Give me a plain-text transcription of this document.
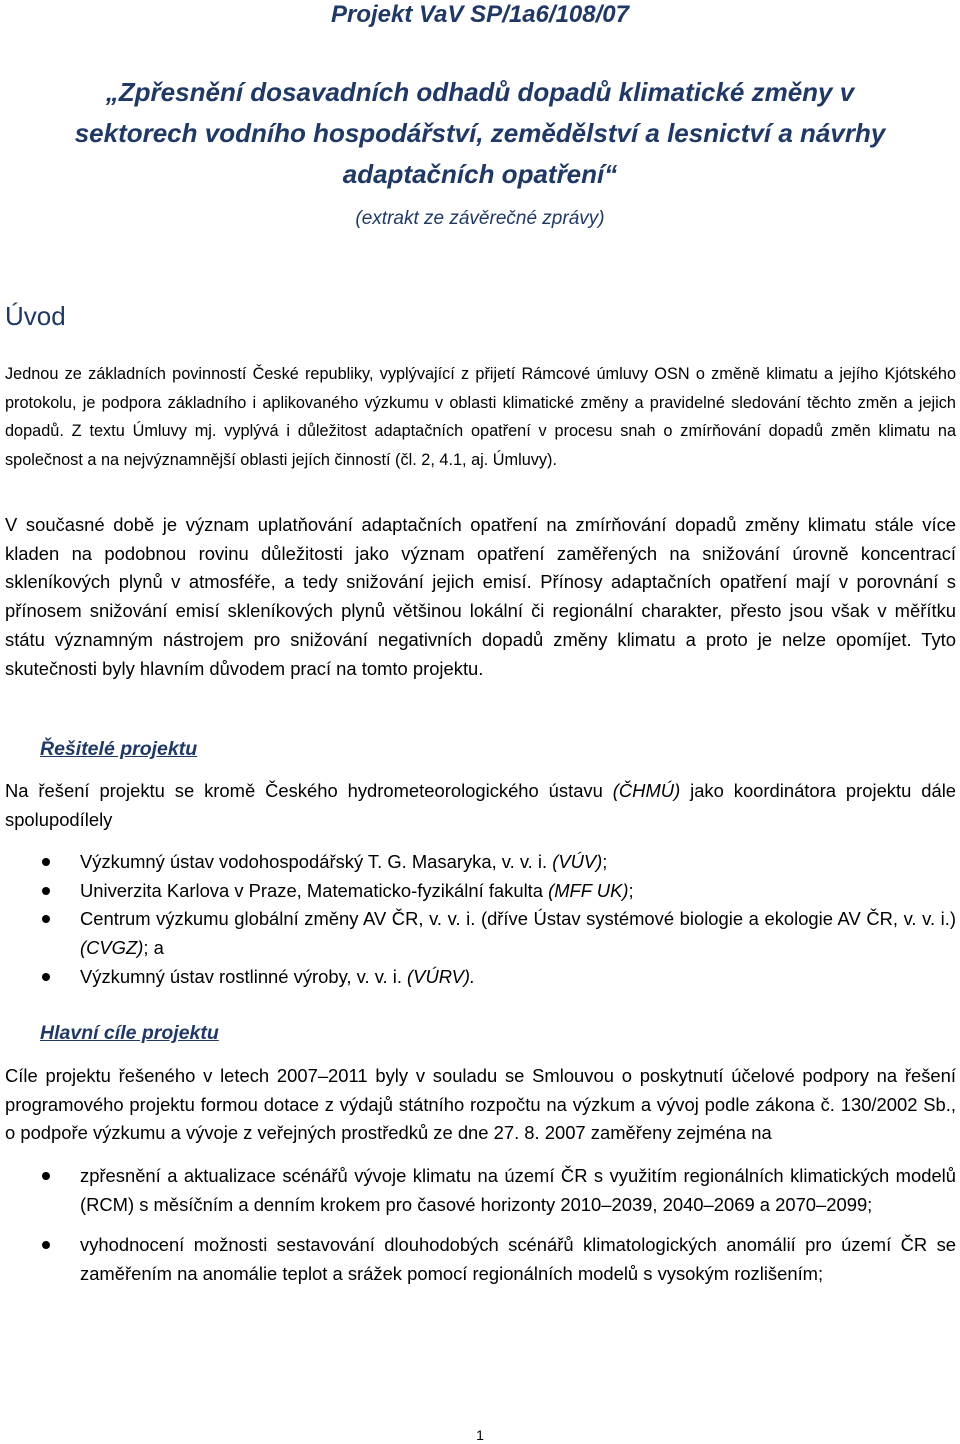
Projekt VaV SP/1a6/108/07
„Zpřesnění dosavadních odhadů dopadů klimatické změny v
sektorech vodního hospodářství, zemědělství a lesnictví a návrhy
adaptačních opatření“
(extrakt ze závěrečné zprávy)
Úvod

Jednou ze základních povinností České republiky, vyplývající z přijetí Rámcové úmluvy OSN o změně klimatu a jejího Kjótského protokolu, je podpora základního i aplikovaného výzkumu v oblasti klimatické změny a pravidelné sledování těchto změn a jejich dopadů. Z textu Úmluvy mj. vyplývá i důležitost adaptačních opatření v procesu snah o zmírňování dopadů změn klimatu na společnost a na nejvýznamnější oblasti jejích činností (čl. 2, 4.1, aj. Úmluvy).

V současné době je význam uplatňování adaptačních opatření na zmírňování dopadů změny klimatu stále více kladen na podobnou rovinu důležitosti jako význam opatření zaměřených na snižování úrovně koncentrací skleníkových plynů v atmosféře, a tedy snižování jejich emisí. Přínosy adaptačních opatření mají v porovnání s přínosem snižování emisí skleníkových plynů většinou lokální či regionální charakter, přesto jsou však v měřítku státu významným nástrojem pro snižování negativních dopadů změny klimatu a proto je nelze opomíjet. Tyto skutečnosti byly hlavním důvodem prací na tomto projektu.

Řešitelé projektu

Na řešení projektu se kromě Českého hydrometeorologického ústavu (ČHMÚ) jako koordinátora projektu dále spolupodílely

Výzkumný ústav vodohospodářský T. G. Masaryka, v. v. i. (VÚV);
Univerzita Karlova v Praze, Matematicko-fyzikální fakulta (MFF UK);
Centrum výzkumu globální změny AV ČR, v. v. i. (dříve Ústav systémové biologie a ekologie AV ČR, v. v. i.) (CVGZ); a
Výzkumný ústav rostlinné výroby, v. v. i. (VÚRV).
Hlavní cíle projektu

Cíle projektu řešeného v letech 2007–2011 byly v souladu se Smlouvou o poskytnutí účelové podpory na řešení programového projektu formou dotace z výdajů státního rozpočtu na výzkum a vývoj podle zákona č. 130/2002 Sb., o podpoře výzkumu a vývoje z veřejných prostředků ze dne 27. 8. 2007 zaměřeny zejména na

zpřesnění a aktualizace scénářů vývoje klimatu na území ČR s využitím regionálních klimatických modelů (RCM) s měsíčním a denním krokem pro časové horizonty 2010–2039, 2040–2069 a 2070–2099;
vyhodnocení možnosti sestavování dlouhodobých scénářů klimatologických anomálií pro území ČR se zaměřením na anomálie teplot a srážek pomocí regionálních modelů s vysokým rozlišením;
1
